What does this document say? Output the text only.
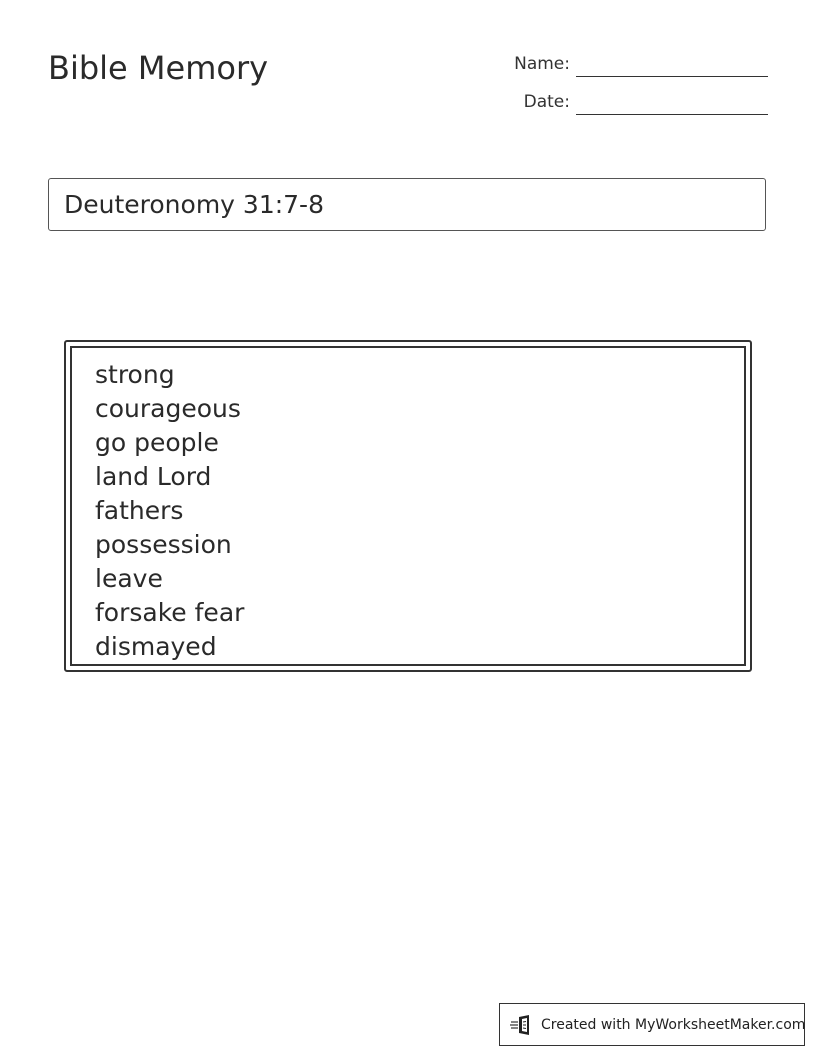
Bible Memory	Name:
Date:
Deuteronomy 31:7-8
strong
courageous
go people
land Lord
fathers
possession
leave
forsake fear
dismayed
Created with MyWorksheetMaker.com
